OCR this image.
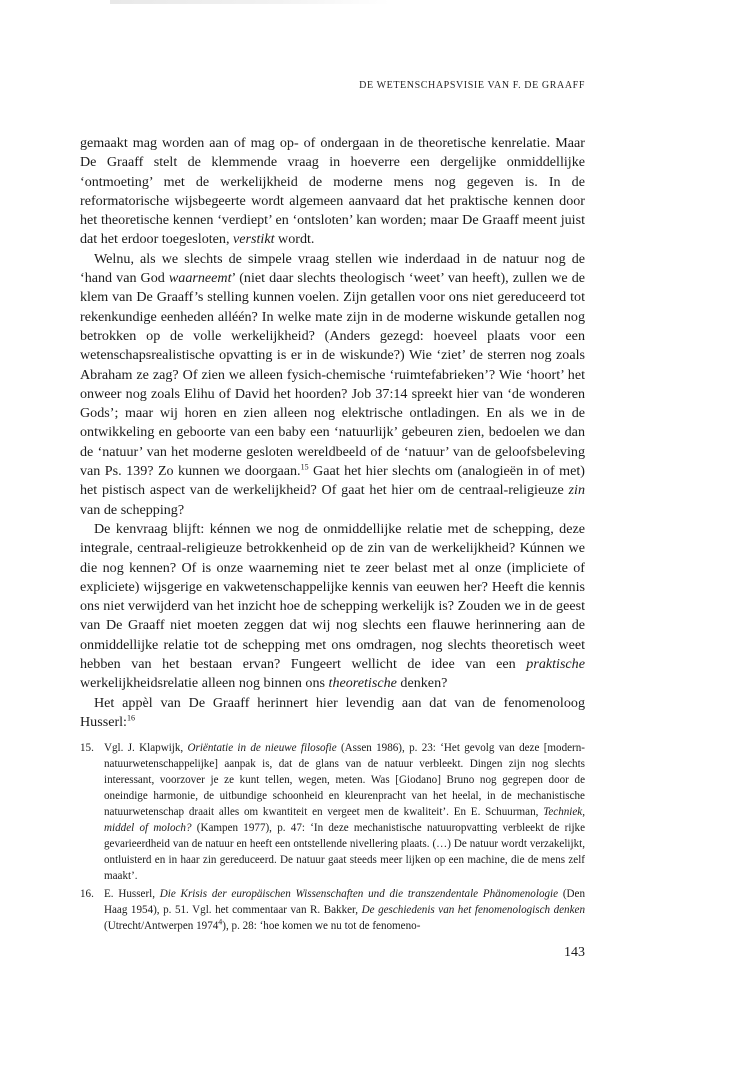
DE WETENSCHAPSVISIE VAN F. DE GRAAFF

gemaakt mag worden aan of mag op- of ondergaan in de theoretische kenrelatie. Maar De Graaff stelt de klemmende vraag in hoeverre een dergelijke onmiddellijke ‘ontmoeting’ met de werkelijkheid de moderne mens nog gegeven is. In de reformatorische wijsbegeerte wordt algemeen aanvaard dat het praktische kennen door het theoretische kennen ‘verdiept’ en ‘ontsloten’ kan worden; maar De Graaff meent juist dat het erdoor toegesloten, verstikt wordt.

Welnu, als we slechts de simpele vraag stellen wie inderdaad in de natuur nog de ‘hand van God waarneemt’ (niet daar slechts theologisch ‘weet’ van heeft), zullen we de klem van De Graaff’s stelling kunnen voelen. Zijn getallen voor ons niet gereduceerd tot rekenkundige eenheden alléén? In welke mate zijn in de moderne wiskunde getallen nog betrokken op de volle werkelijkheid? (Anders gezegd: hoeveel plaats voor een wetenschapsrealistische opvatting is er in de wiskunde?) Wie ‘ziet’ de sterren nog zoals Abraham ze zag? Of zien we alleen fysich-chemische ‘ruimtefabrieken’? Wie ‘hoort’ het onweer nog zoals Elihu of David het hoorden? Job 37:14 spreekt hier van ‘de wonderen Gods’; maar wij horen en zien alleen nog elektrische ontladingen. En als we in de ontwikkeling en geboorte van een baby een ‘natuurlijk’ gebeuren zien, bedoelen we dan de ‘natuur’ van het moderne gesloten wereldbeeld of de ‘natuur’ van de geloofsbeleving van Ps. 139? Zo kunnen we doorgaan.$^{15}$ Gaat het hier slechts om (analogieën in of met) het pistisch aspect van de werkelijkheid? Of gaat het hier om de centraal-religieuze zin van de schepping?

De kenvraag blijft: kénnen we nog de onmiddellijke relatie met de schepping, deze integrale, centraal-religieuze betrokkenheid op de zin van de werkelijkheid? Kúnnen we die nog kennen? Of is onze waarneming niet te zeer belast met al onze (impliciete of expliciete) wijsgerige en vakwetenschappelijke kennis van eeuwen her? Heeft die kennis ons niet verwijderd van het inzicht hoe de schepping werkelijk is? Zouden we in de geest van De Graaff niet moeten zeggen dat wij nog slechts een flauwe herinnering aan de onmiddellijke relatie tot de schepping met ons omdragen, nog slechts theoretisch weet hebben van het bestaan ervan? Fungeert wellicht de idee van een praktische werkelijkheidsrelatie alleen nog binnen ons theoretische denken?

Het appèl van De Graaff herinnert hier levendig aan dat van de fenomenoloog Husserl:$^{16}$

15. Vgl. J. Klapwijk, Oriëntatie in de nieuwe filosofie (Assen 1986), p. 23: ‘Het gevolg van deze [modern-natuurwetenschappelijke] aanpak is, dat de glans van de natuur verbleekt. Dingen zijn nog slechts interessant, voorzover je ze kunt tellen, wegen, meten. Was [Giodano] Bruno nog gegrepen door de oneindige harmonie, de uitbundige schoonheid en kleurenpracht van het heelal, in de mechanistische natuurwetenschap draait alles om kwantiteit en vergeet men de kwaliteit’. En E. Schuurman, Techniek, middel of moloch? (Kampen 1977), p. 47: ‘In deze mechanistische natuuropvatting verbleekt de rijke gevarieerdheid van de natuur en heeft een ontstellende nivellering plaats. (…) De natuur wordt verzakelijkt, ontluisterd en in haar zin gereduceerd. De natuur gaat steeds meer lijken op een machine, die de mens zelf maakt’.
16. E. Husserl, Die Krisis der europäischen Wissenschaften und die transzendentale Phänomenologie (Den Haag 1954), p. 51. Vgl. het commentaar van R. Bakker, De geschiedenis van het fenomenologisch denken (Utrecht/Antwerpen 1974$^4$), p. 28: ‘hoe komen we nu tot de fenomeno-
143
